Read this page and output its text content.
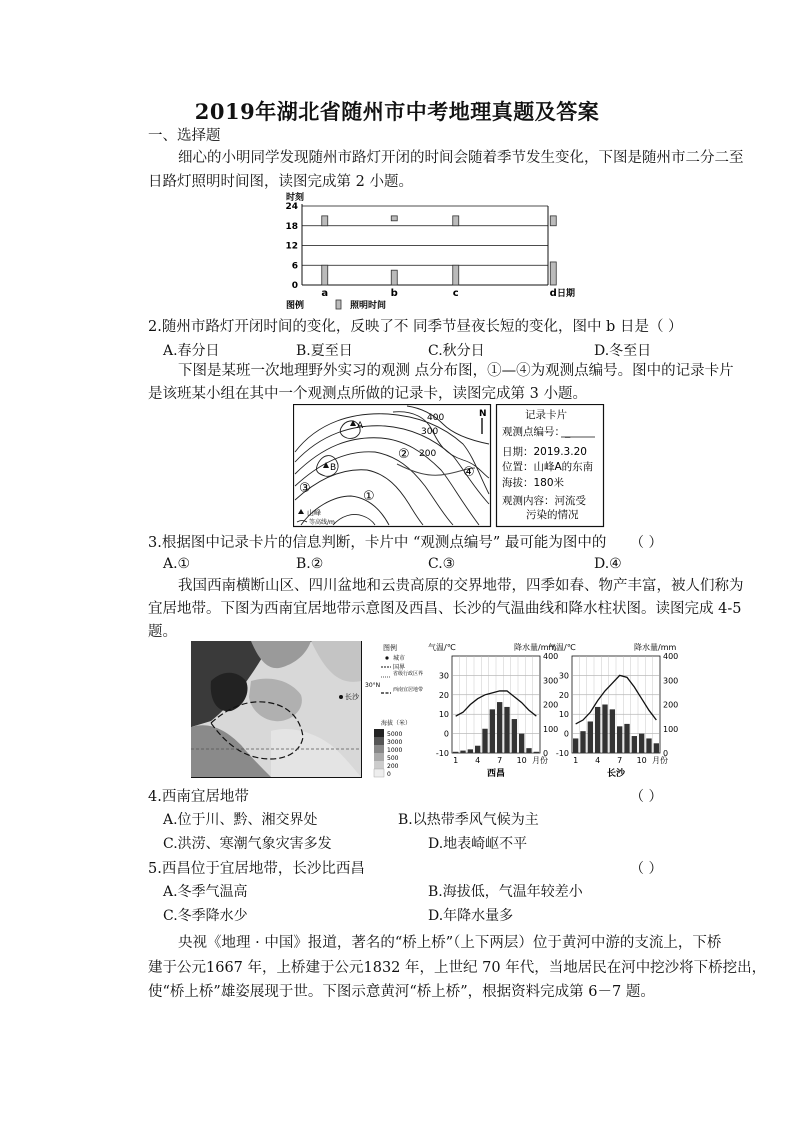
2019年湖北省随州市中考地理真题及答案
一、选择题
细心的小明同学发现随州市路灯开闭的时间会随着季节发生变化，下图是随州市二分二至
日路灯照明时间图，读图完成第 2 小题。
时刻
0
6
12
18
24
a	b	c	d 日期
图例	照明时间
2.随州市路灯开闭时间的变化，反映了不 同季节昼夜长短的变化，图中 b 日是（ ）
A.春分日	B.夏至日	C.秋分日	D.冬至日
下图是某班一次地理野外实习的观测 点分布图，①—④为观测点编号。图中的记录卡片
是该班某小组在其中一个观测点所做的记录卡，读图完成第 3 小题。
400
300
200
A
B
①
②
③
④
N
山峰
等高线/m
记录卡片
观测点编号：_
日期：2019.3.20
位置：山峰A的东南
海拔：180米
观测内容：河流受
污染的情况
3.根据图中记录卡片的信息判断，卡片中 “观测点编号” 最可能为图中的 （ ）
A.①	B.②	C.③	D.④
我国西南横断山区、四川盆地和云贵高原的交界地带，四季如春、物产丰富，被人们称为
宜居地带。下图为西南宜居地带示意图及西昌、长沙的气温曲线和降水柱状图。读图完成 4-5
题。
长沙
30°N
图例
城市
国界
省级行政区界
西南宜居地带
海拔（米）
5000
3000
1000
500
200
0
气温/℃	降水量/mm
30
20
10
0
-10
400
300
200
100
0
1 4 7 10 月份
西昌
气温/℃	降水量/mm
30
20
10
0
-10
400
300
200
100
0
1 4 7 10 月份
长沙
4.西南宜居地带	（ ）
A.位于川、黔、湘交界处	B.以热带季风气候为主
C.洪涝、寒潮气象灾害多发	D.地表崎岖不平
5.西昌位于宜居地带，长沙比西昌	（ ）
A.冬季气温高	B.海拔低，气温年较差小
C.冬季降水少	D.年降水量多
央视《地理 · 中国》报道，著名的“桥上桥”（上下两层）位于黄河中游的支流上，下桥
建于公元1667 年，上桥建于公元1832 年，上世纪 70 年代，当地居民在河中挖沙将下桥挖出，
使“桥上桥”雄姿展现于世。下图示意黄河“桥上桥”，根据资料完成第 6－7 题。
